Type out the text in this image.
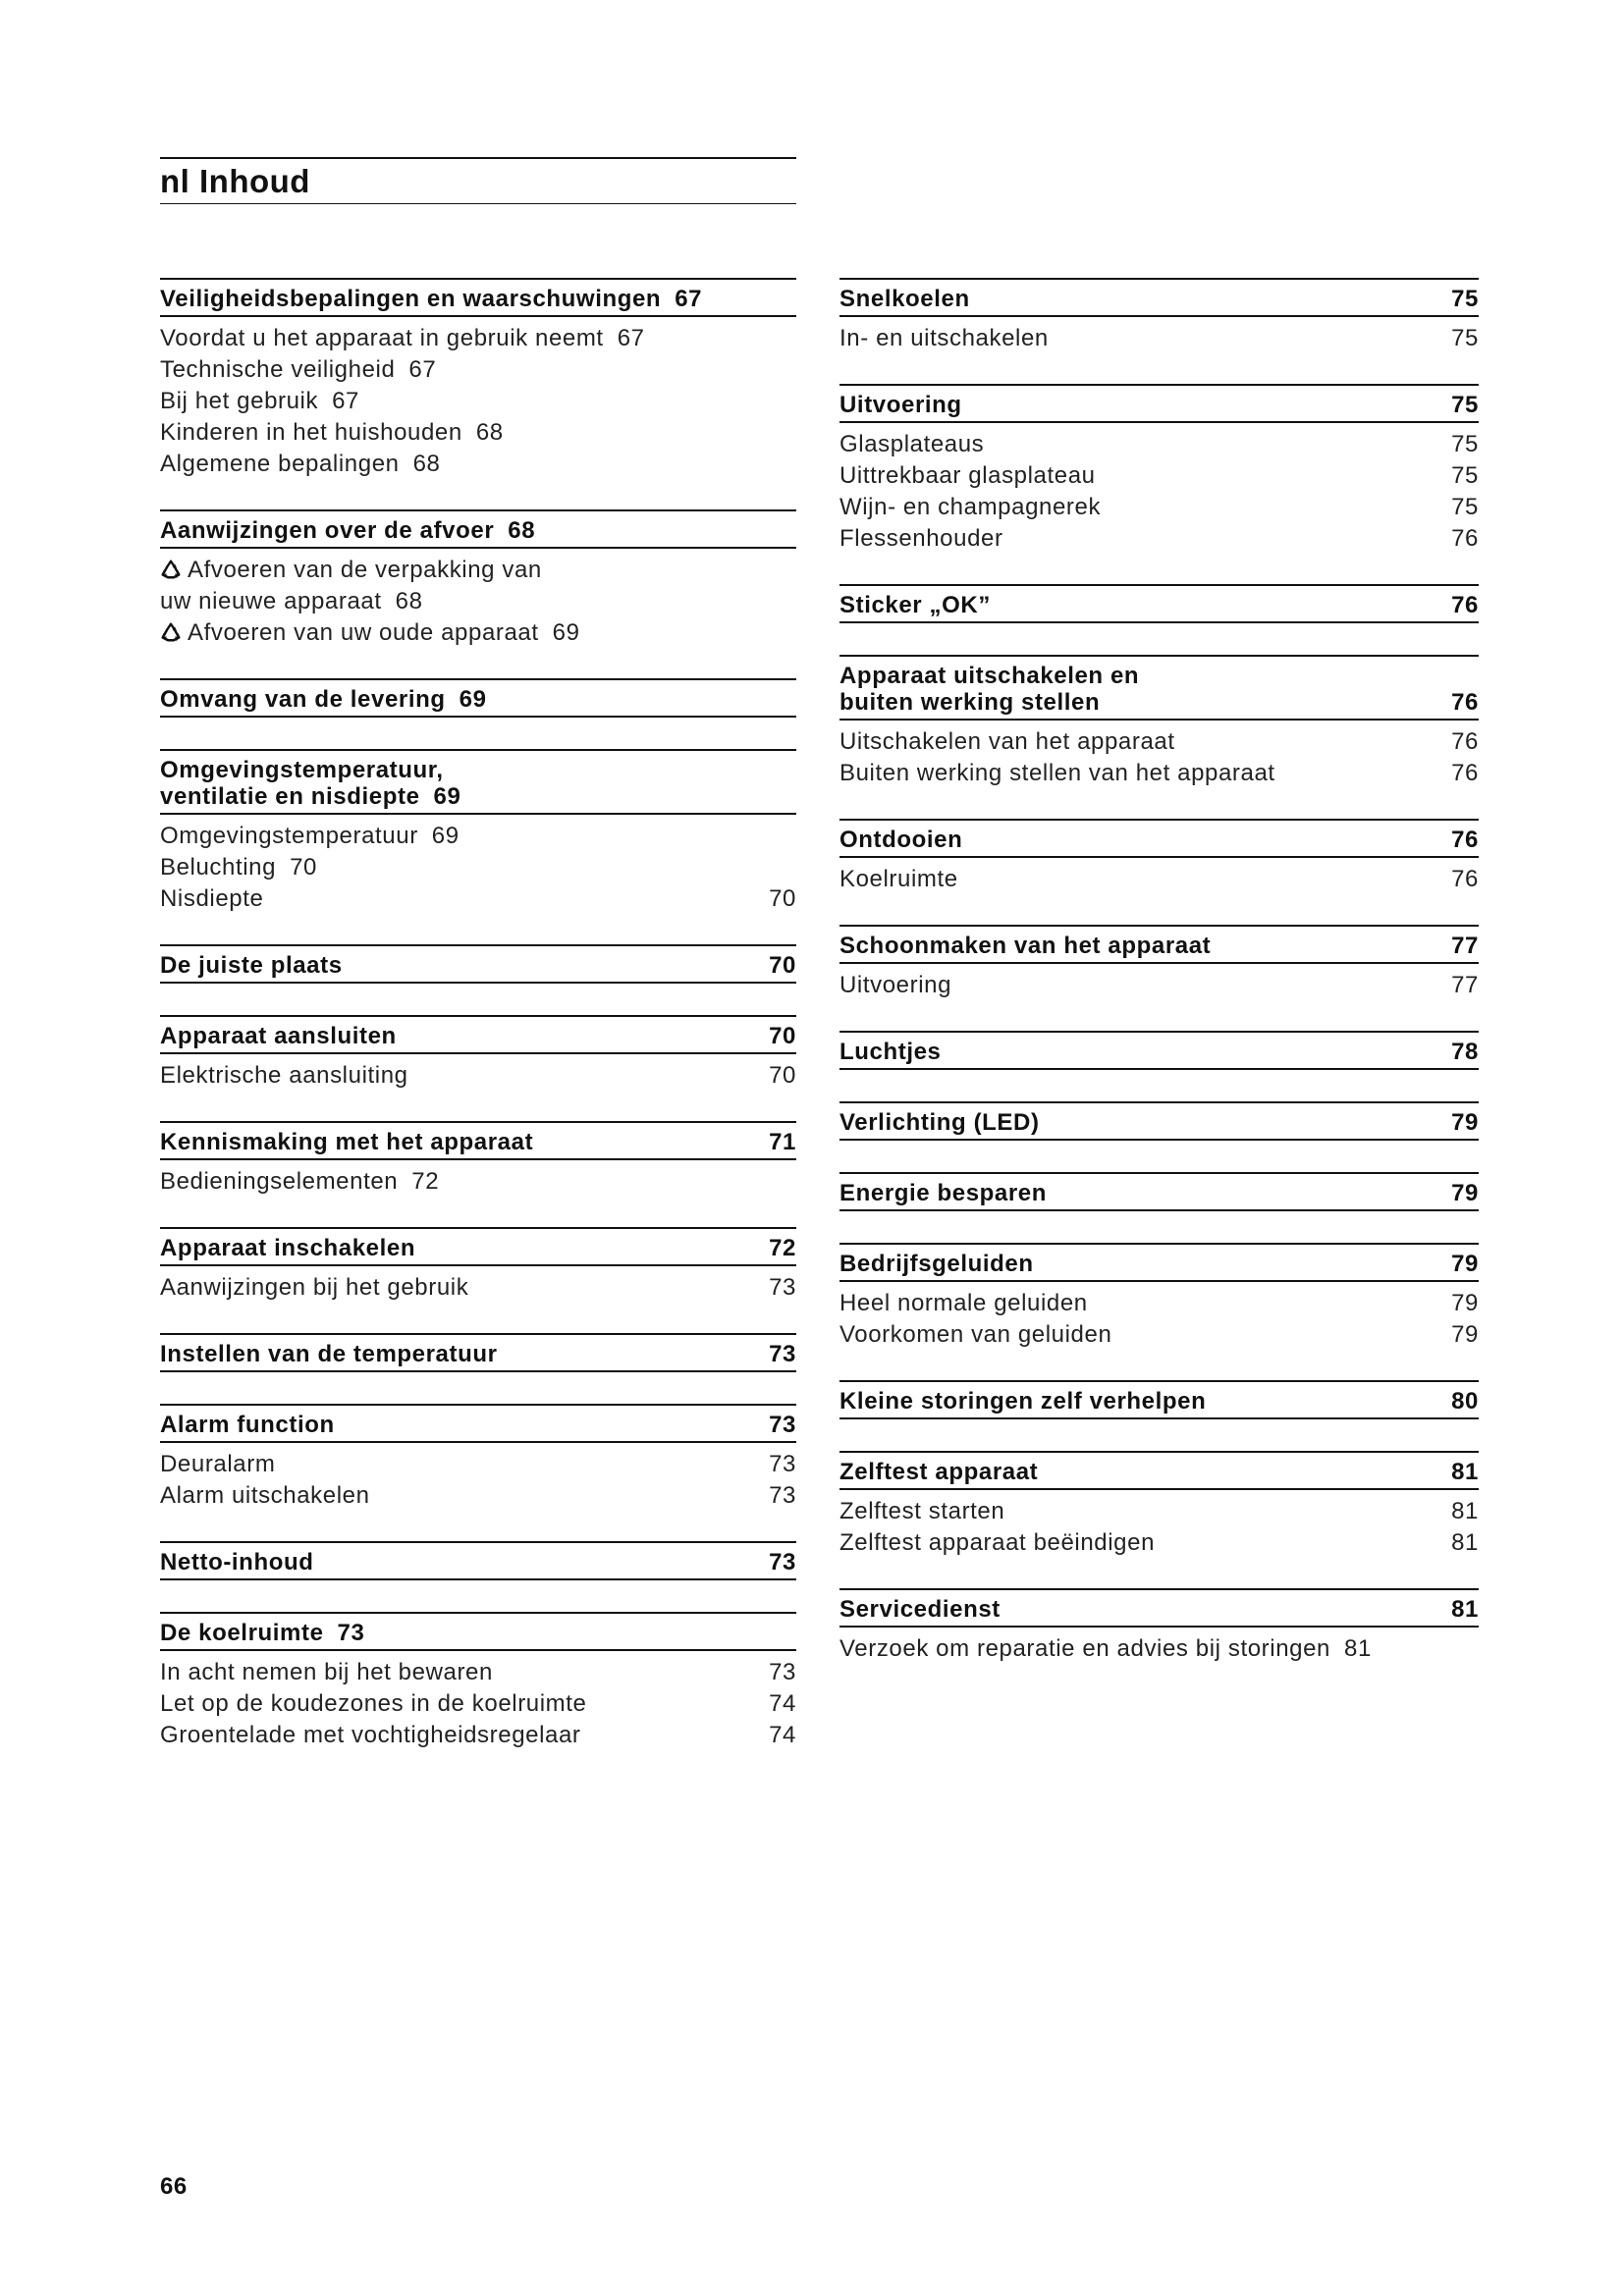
nl Inhoud
Veiligheidsbepalingen en waarschuwingen 67
Voordat u het apparaat in gebruik neemt 67
Technische veiligheid 67
Bij het gebruik 67
Kinderen in het huishouden 68
Algemene bepalingen 68
Aanwijzingen over de afvoer 68
Afvoeren van de verpakking van
uw nieuwe apparaat 68
Afvoeren van uw oude apparaat 69
Omvang van de levering 69
Omgevingstemperatuur,
ventilatie en nisdiepte 69
Omgevingstemperatuur 69
Beluchting 70
Nisdiepte	70
De juiste plaats	70
Apparaat aansluiten	70
Elektrische aansluiting	70
Kennismaking met het apparaat	71
Bedieningselementen 72
Apparaat inschakelen	72
Aanwijzingen bij het gebruik	73
Instellen van de temperatuur	73
Alarm function	73
Deuralarm	73
Alarm uitschakelen	73
Netto-inhoud	73
De koelruimte 73
In acht nemen bij het bewaren	73
Let op de koudezones in de koelruimte	74
Groentelade met vochtigheidsregelaar	74
Snelkoelen	75
In- en uitschakelen	75
Uitvoering	75
Glasplateaus	75
Uittrekbaar glasplateau	75
Wijn- en champagnerek	75
Flessenhouder	76
Sticker „OK”	76
Apparaat uitschakelen en
buiten werking stellen	76
Uitschakelen van het apparaat	76
Buiten werking stellen van het apparaat	76
Ontdooien	76
Koelruimte	76
Schoonmaken van het apparaat	77
Uitvoering	77
Luchtjes	78
Verlichting (LED)	79
Energie besparen	79
Bedrijfsgeluiden	79
Heel normale geluiden	79
Voorkomen van geluiden	79
Kleine storingen zelf verhelpen	80
Zelftest apparaat	81
Zelftest starten	81
Zelftest apparaat beëindigen	81
Servicedienst	81
Verzoek om reparatie en advies bij storingen 81
66
